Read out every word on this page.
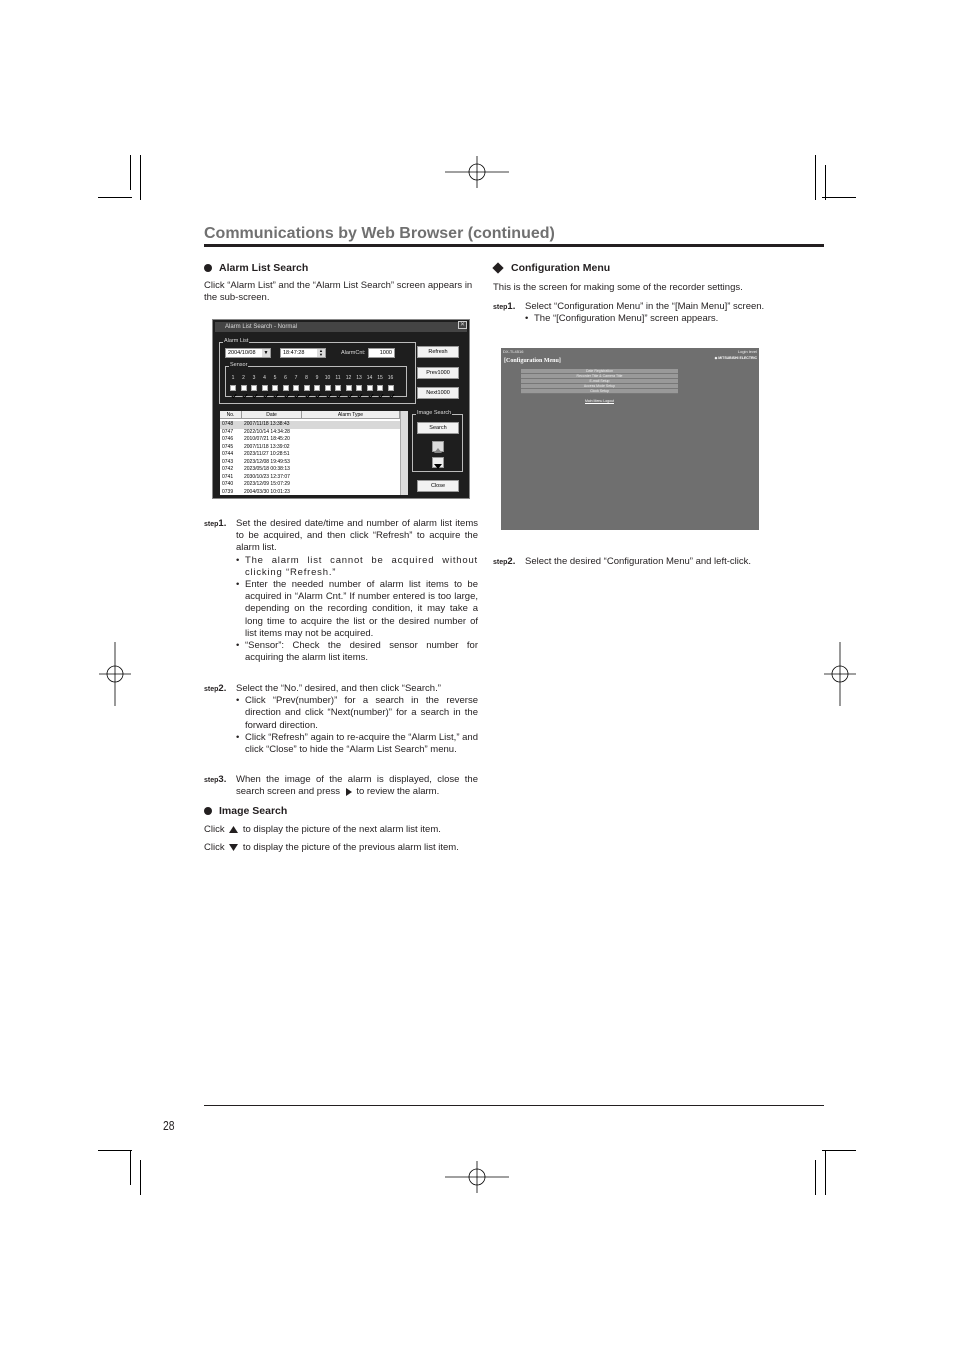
Communications by Web Browser (continued)
Alarm List Search
Click “Alarm List” and the “Alarm List Search” screen appears in the sub-screen.
Alarm List Search - Normal	✕
Alarm List
2004/10/08	▼	18:47:28	▲
▼	AlarmCnt:	1000
Sensor
Refresh
Prev1000
Next1000
No.	Date	Alarm Type
0748 2007/11/18 13:38:43
0747 2022/10/14 14:34:28
0746 2010/07/21 18:45:20
0745 2007/11/18 13:39:02
0744 2023/11/27 10:28:51
0743 2023/12/08 19:49:53
0742 2023/05/18 00:38:13
0741 2030/10/23 12:37:07
0740 2023/12/09 15:07:29
0739 2004/03/30 10:01:23
Image Search
Search
Close
1	2	3	4	5	6	7	8	9	10	11	12 13 14 15 16
step1. Set the desired date/time and number of alarm list items to be acquired, and then click “Refresh” to acquire the alarm list.
• The alarm list cannot be acquired without clicking “Refresh.”
• Enter the needed number of alarm list items to be acquired in “Alarm Cnt.” If number entered is too large, depending on the recording condition, it may take a long time to acquire the list or the desired number of list items may not be acquired.
• “Sensor”: Check the desired sensor number for acquiring the alarm list items.
step2. Select the “No.” desired, and then click “Search.”
• Click “Prev(number)” for a search in the reverse direction and click “Next(number)” for a search in the forward direction.
• Click “Refresh” again to re-acquire the “Alarm List,” and click “Close” to hide the “Alarm List Search” menu.
step3. When the image of the alarm is displayed, close the search screen and press to review the alarm.
Image Search
Click to display the picture of the next alarm list item.
Click to display the picture of the previous alarm list item.
Configuration Menu
This is the screen for making some of the recorder settings.
step1. Select “Configuration Menu” in the “[Main Menu]” screen.
• The “[Configuration Menu]” screen appears.
DX-TL4516	Login level
[Configuration Menu]	◆ MITSUBISHI ELECTRIC
Date Registration
Recorder Title & Camera Title
E-mail Setup
Access Mode Setup
Clock Setup
Main Menu Logout
step2. Select the desired “Configuration Menu” and left-click.
28
